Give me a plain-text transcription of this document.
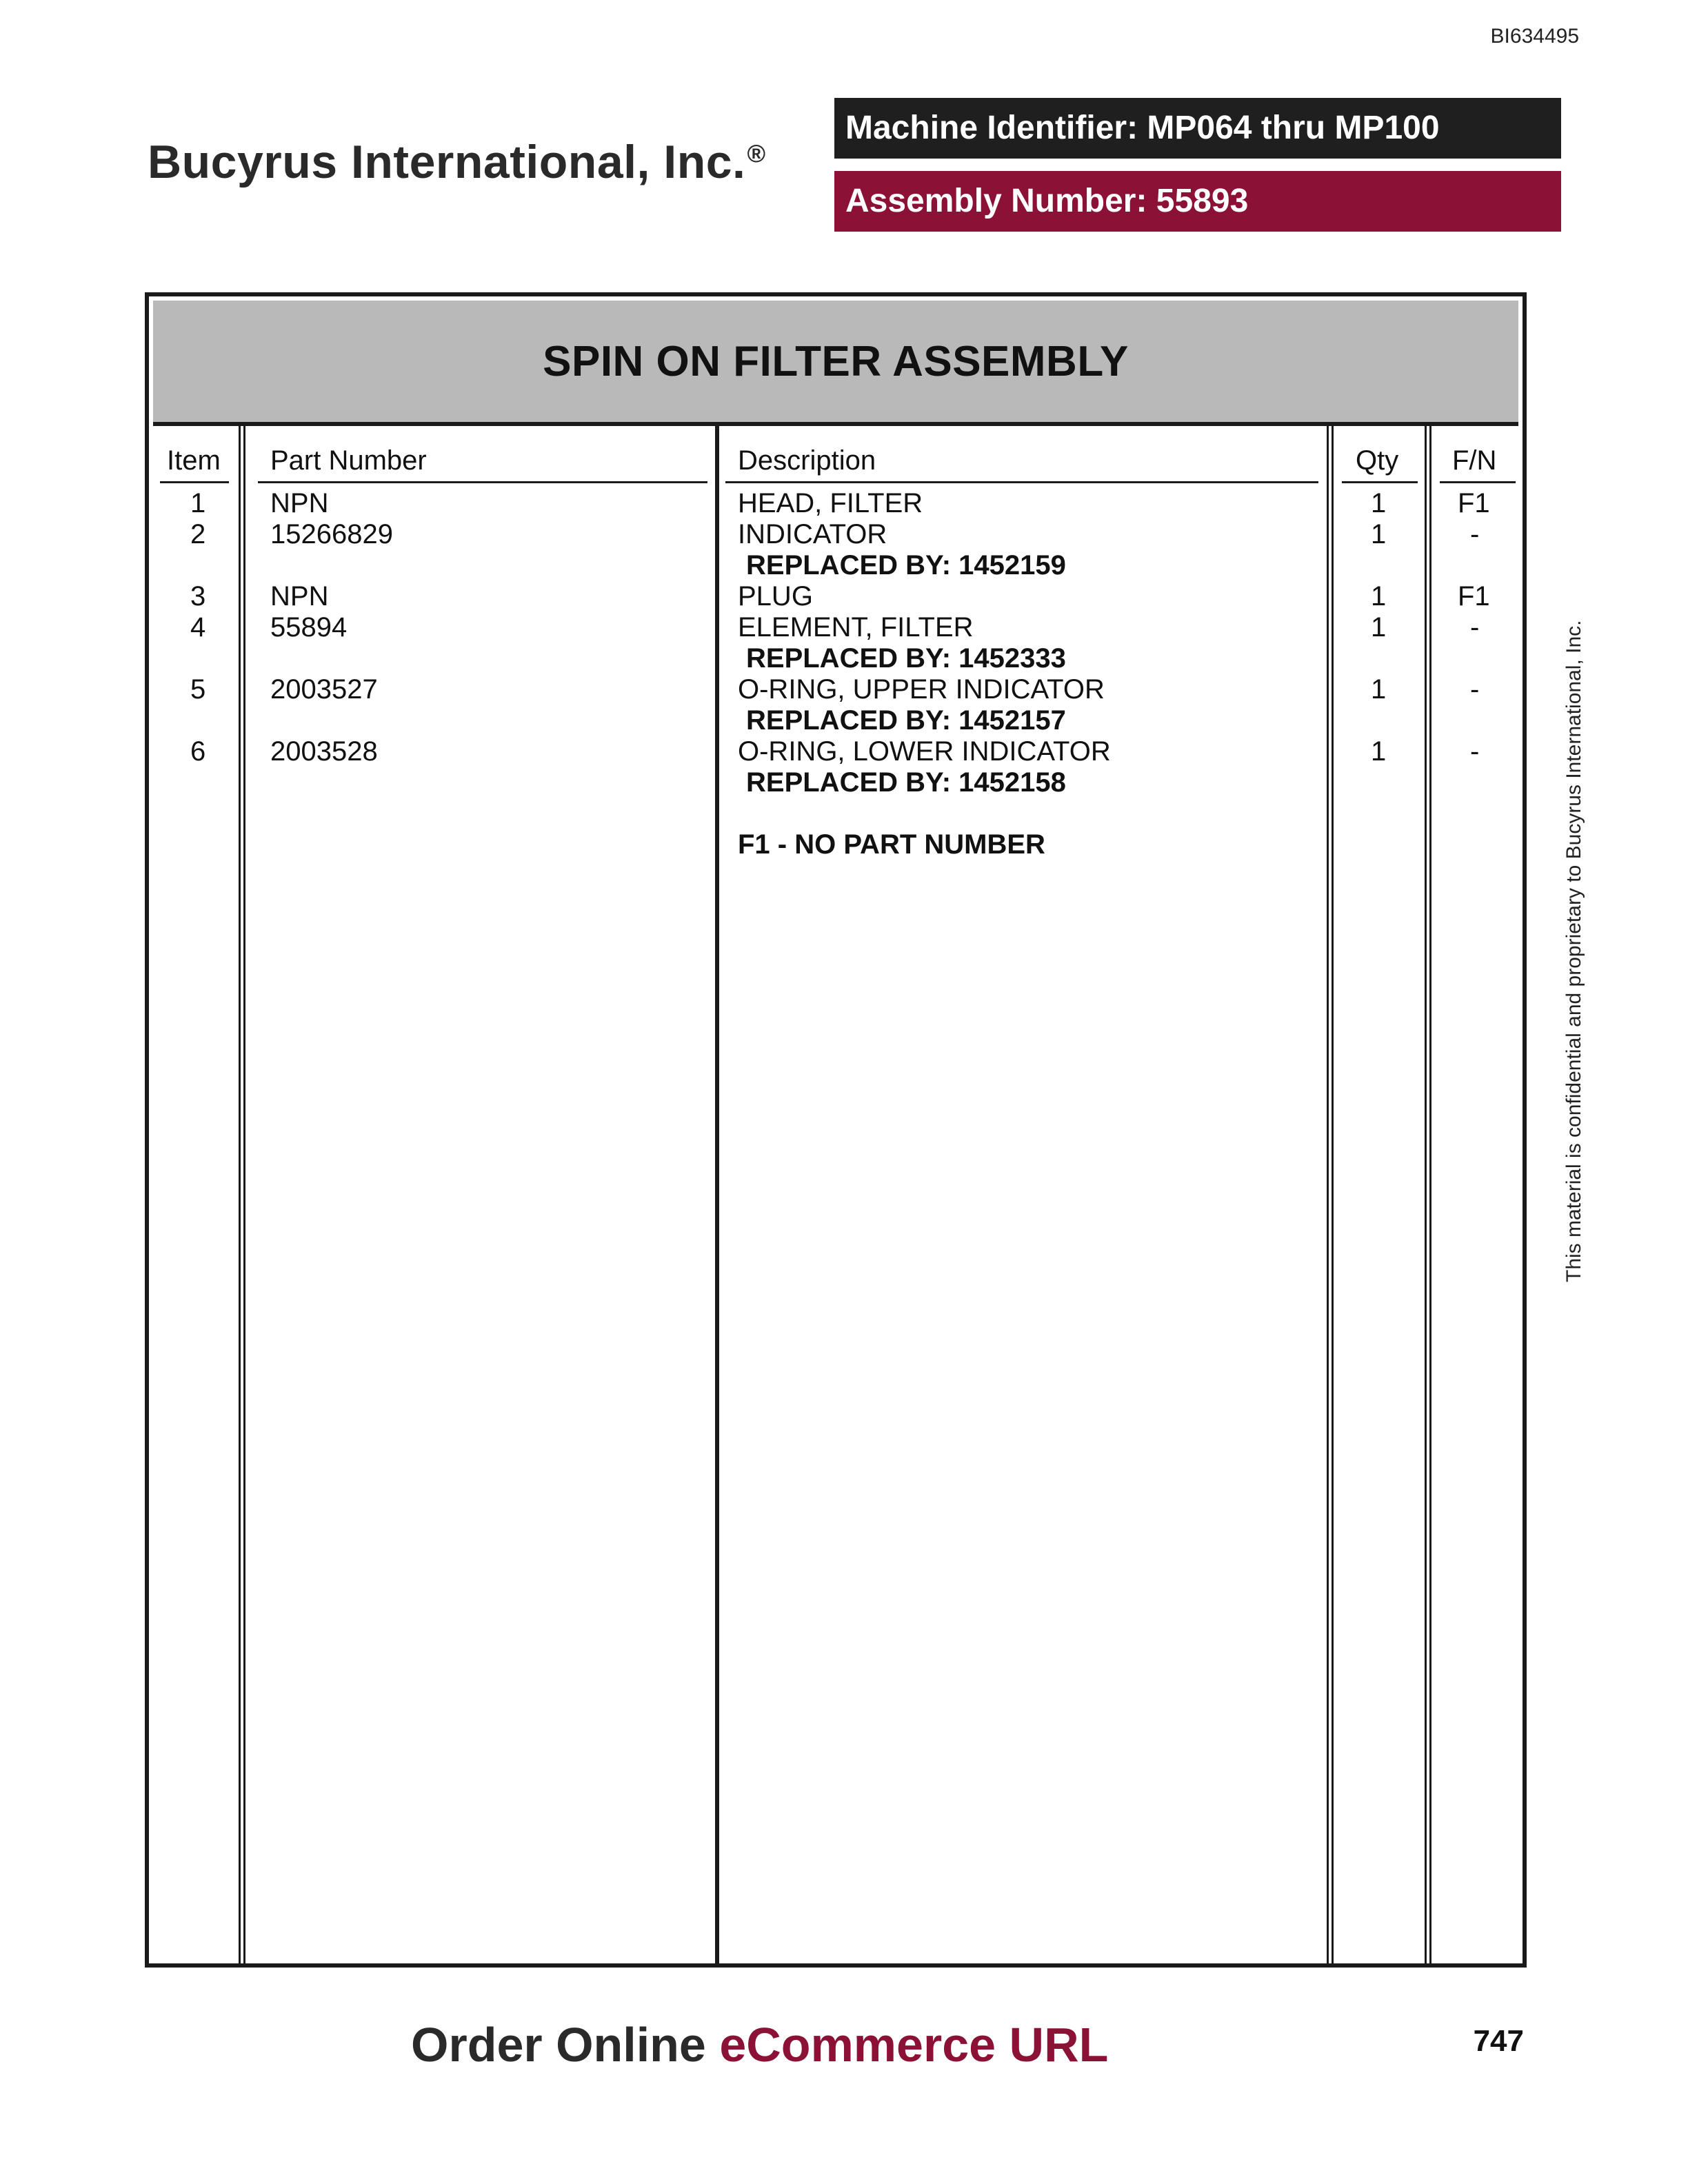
BI634495
Bucyrus International, Inc.®
Machine Identifier: MP064 thru MP100
Assembly Number: 55893
SPIN ON FILTER ASSEMBLY
Item Part Number	Description	Qty F/N
1 NPN	HEAD, FILTER	1	F1
2 15266829	INDICATOR	1	-
REPLACED BY: 1452159
3 NPN	PLUG	1	F1
4 55894	ELEMENT, FILTER	1	-
REPLACED BY: 1452333
5 2003527	O-RING, UPPER INDICATOR	1	-
REPLACED BY: 1452157
6 2003528	O-RING, LOWER INDICATOR	1	-
REPLACED BY: 1452158
F1 - NO PART NUMBER	This material is confidential and proprietary to Bucyrus International, Inc.
Order Online eCommerce URL	747
